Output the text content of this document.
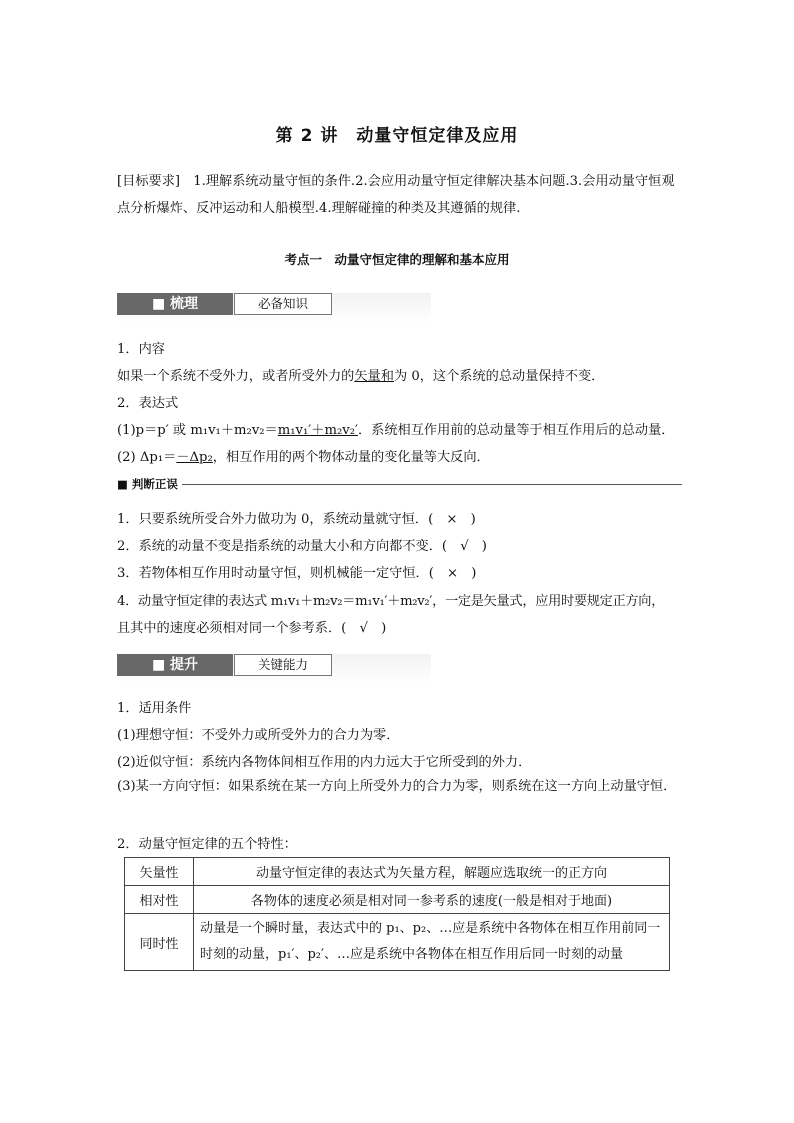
第 2 讲　动量守恒定律及应用
[目标要求]　1.理解系统动量守恒的条件.2.会应用动量守恒定律解决基本问题.3.会用动量守恒观点分析爆炸、反冲运动和人船模型.4.理解碰撞的种类及其遵循的规律.
考点一　动量守恒定律的理解和基本应用
■ 梳理	必备知识
1．内容
如果一个系统不受外力，或者所受外力的矢量和为 0，这个系统的总动量保持不变．
2．表达式
(1)p＝p′ 或 m₁v₁＋m₂v₂＝m₁v₁′＋m₂v₂′．系统相互作用前的总动量等于相互作用后的总动量．
(2) Δp₁＝－Δp₂，相互作用的两个物体动量的变化量等大反向．
■ 判断正误
1．只要系统所受合外力做功为 0，系统动量就守恒．(　×　)
2．系统的动量不变是指系统的动量大小和方向都不变．(　√　)
3．若物体相互作用时动量守恒，则机械能一定守恒．(　×　)
4．动量守恒定律的表达式 m₁v₁＋m₂v₂＝m₁v₁′＋m₂v₂′，一定是矢量式，应用时要规定正方向，
且其中的速度必须相对同一个参考系．(　√　)
■ 提升	关键能力
1．适用条件
(1)理想守恒：不受外力或所受外力的合力为零．
(2)近似守恒：系统内各物体间相互作用的内力远大于它所受到的外力．
(3)某一方向守恒：如果系统在某一方向上所受外力的合力为零，则系统在这一方向上动量守恒．
2．动量守恒定律的五个特性：
矢量性	动量守恒定律的表达式为矢量方程，解题应选取统一的正方向
相对性	各物体的速度必须是相对同一参考系的速度(一般是相对于地面)
同时性	动量是一个瞬时量，表达式中的 p₁、p₂、…应是系统中各物体在相互作用前同一时刻的动量，p₁′、p₂′、…应是系统中各物体在相互作用后同一时刻的动量
